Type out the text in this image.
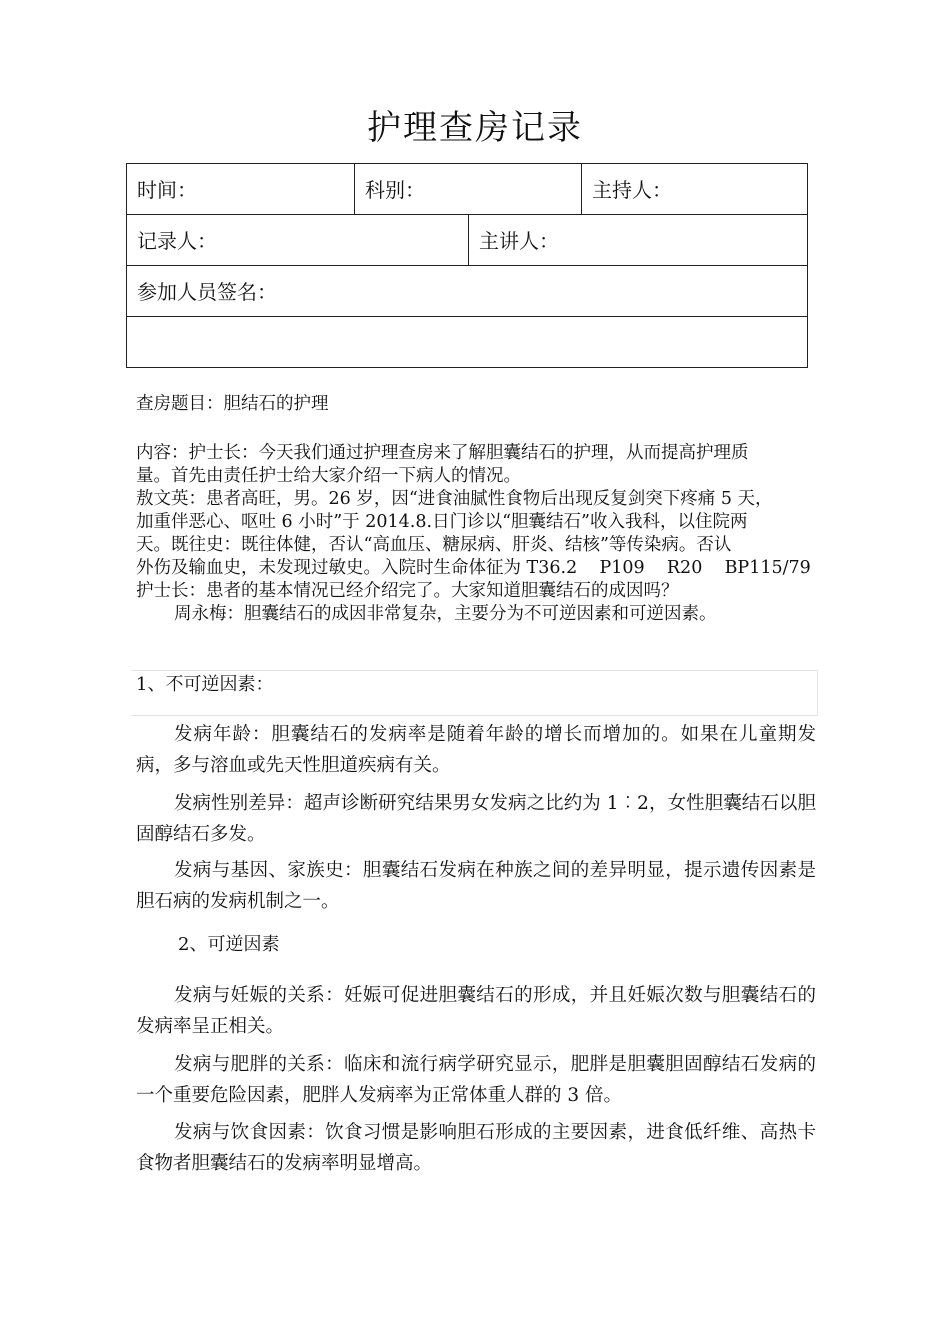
护理查房记录
时间：	科别：	主持人：
记录人：	主讲人：
参加人员签名：
查房题目：胆结石的护理
内容：护士长：今天我们通过护理查房来了解胆囊结石的护理，从而提高护理质
量。首先由责任护士给大家介绍一下病人的情况。
敖文英：患者高旺，男。26 岁，因“进食油腻性食物后出现反复剑突下疼痛 5 天，
加重伴恶心、呕吐 6 小时”于 2014.8.日门诊以“胆囊结石”收入我科，以住院两
天。既往史：既往体健，否认“高血压、糖尿病、肝炎、结核”等传染病。否认
外伤及输血史，未发现过敏史。入院时生命体征为 T36.2    P109    R20    BP115/79
护士长：患者的基本情况已经介绍完了。大家知道胆囊结石的成因吗？
周永梅：胆囊结石的成因非常复杂，主要分为不可逆因素和可逆因素。
1、不可逆因素：
发病年龄：胆囊结石的发病率是随着年龄的增长而增加的。如果在儿童期发病，多与溶血或先天性胆道疾病有关。
发病性别差异：超声诊断研究结果男女发病之比约为 1︰2，女性胆囊结石以胆固醇结石多发。
发病与基因、家族史：胆囊结石发病在种族之间的差异明显，提示遗传因素是胆石病的发病机制之一。
2、可逆因素
发病与妊娠的关系：妊娠可促进胆囊结石的形成，并且妊娠次数与胆囊结石的发病率呈正相关。
发病与肥胖的关系：临床和流行病学研究显示，肥胖是胆囊胆固醇结石发病的一个重要危险因素，肥胖人发病率为正常体重人群的 3 倍。
发病与饮食因素：饮食习惯是影响胆石形成的主要因素，进食低纤维、高热卡食物者胆囊结石的发病率明显增高。
